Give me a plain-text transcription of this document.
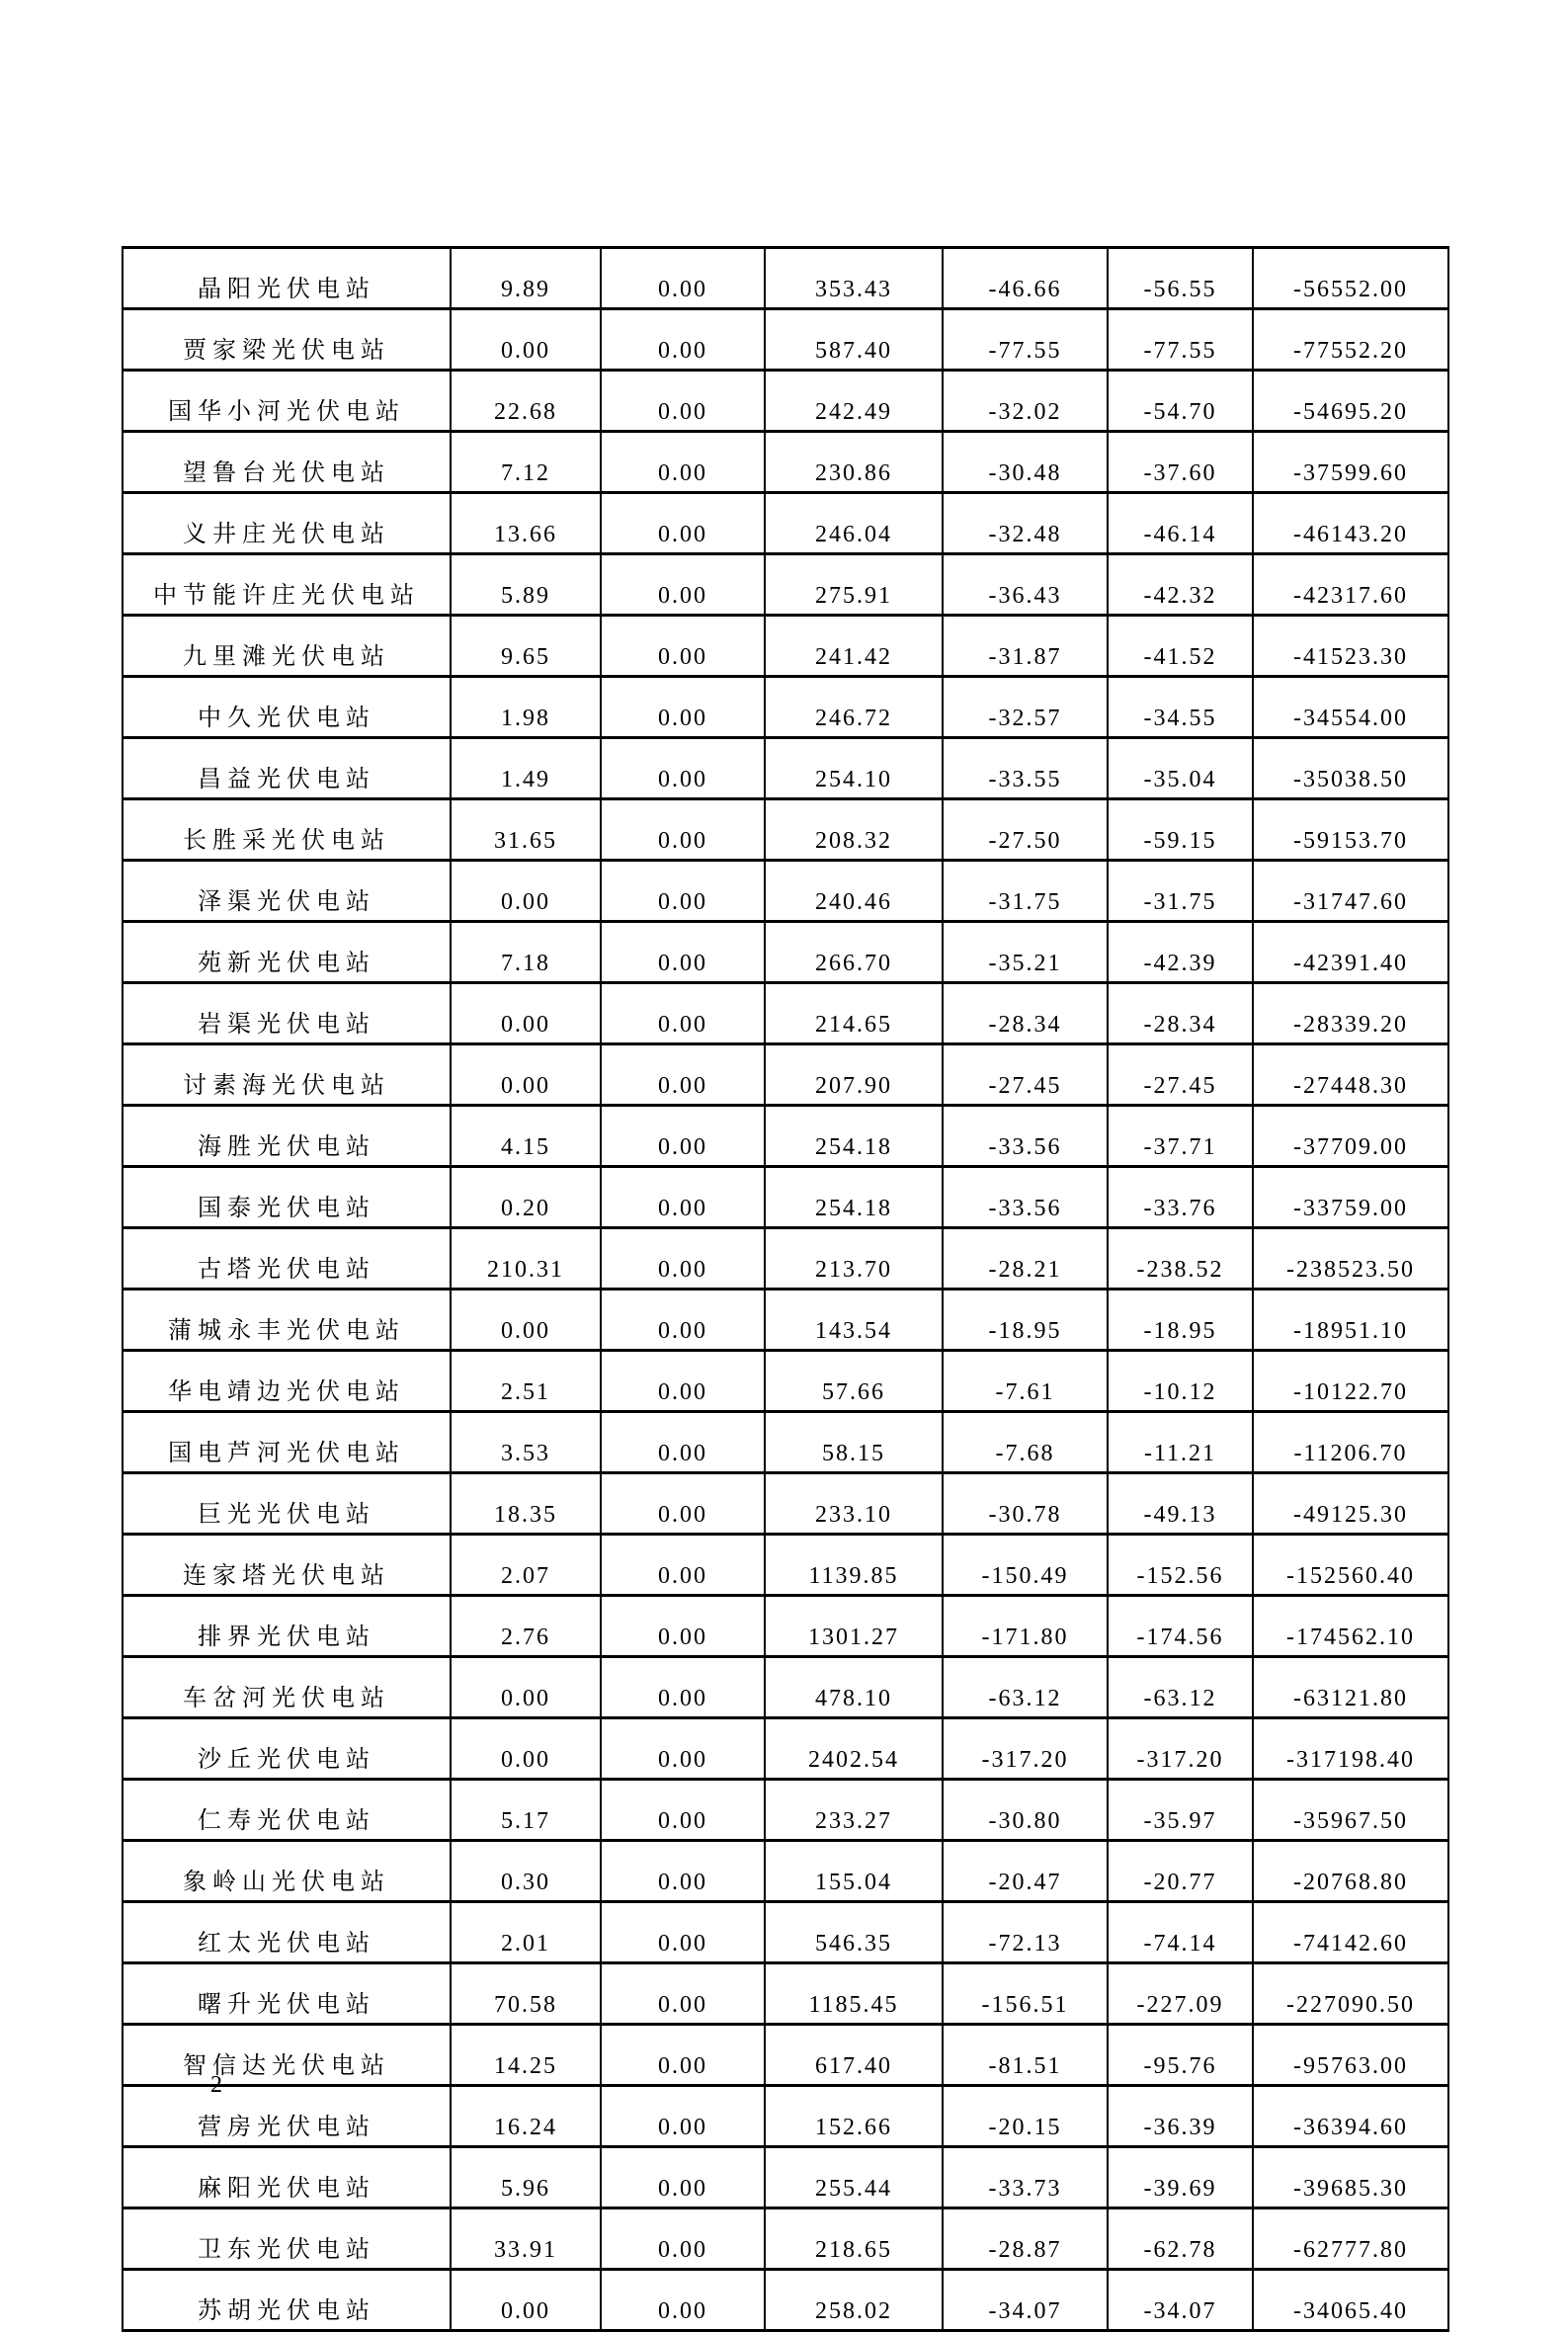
晶阳光伏电站	9.89	0.00	353.43	-46.66	-56.55	-56552.00
贾家梁光伏电站	0.00	0.00	587.40	-77.55	-77.55	-77552.20
国华小河光伏电站	22.68	0.00	242.49	-32.02	-54.70	-54695.20
望鲁台光伏电站	7.12	0.00	230.86	-30.48	-37.60	-37599.60
义井庄光伏电站	13.66	0.00	246.04	-32.48	-46.14	-46143.20
中节能许庄光伏电站	5.89	0.00	275.91	-36.43	-42.32	-42317.60
九里滩光伏电站	9.65	0.00	241.42	-31.87	-41.52	-41523.30
中久光伏电站	1.98	0.00	246.72	-32.57	-34.55	-34554.00
昌益光伏电站	1.49	0.00	254.10	-33.55	-35.04	-35038.50
长胜采光伏电站	31.65	0.00	208.32	-27.50	-59.15	-59153.70
泽渠光伏电站	0.00	0.00	240.46	-31.75	-31.75	-31747.60
苑新光伏电站	7.18	0.00	266.70	-35.21	-42.39	-42391.40
岩渠光伏电站	0.00	0.00	214.65	-28.34	-28.34	-28339.20
讨素海光伏电站	0.00	0.00	207.90	-27.45	-27.45	-27448.30
海胜光伏电站	4.15	0.00	254.18	-33.56	-37.71	-37709.00
国泰光伏电站	0.20	0.00	254.18	-33.56	-33.76	-33759.00
古塔光伏电站	210.31	0.00	213.70	-28.21	-238.52	-238523.50
蒲城永丰光伏电站	0.00	0.00	143.54	-18.95	-18.95	-18951.10
华电靖边光伏电站	2.51	0.00	57.66	-7.61	-10.12	-10122.70
国电芦河光伏电站	3.53	0.00	58.15	-7.68	-11.21	-11206.70
巨光光伏电站	18.35	0.00	233.10	-30.78	-49.13	-49125.30
连家塔光伏电站	2.07	0.00	1139.85	-150.49	-152.56	-152560.40
排界光伏电站	2.76	0.00	1301.27	-171.80	-174.56	-174562.10
车岔河光伏电站	0.00	0.00	478.10	-63.12	-63.12	-63121.80
沙丘光伏电站	0.00	0.00	2402.54	-317.20	-317.20	-317198.40
仁寿光伏电站	5.17	0.00	233.27	-30.80	-35.97	-35967.50
象岭山光伏电站	0.30	0.00	155.04	-20.47	-20.77	-20768.80
红太光伏电站	2.01	0.00	546.35	-72.13	-74.14	-74142.60
曙升光伏电站	70.58	0.00	1185.45	-156.51	-227.09	-227090.50
智信达光伏电站	14.25	0.00	617.40	-81.51	-95.76	-95763.00
营房光伏电站	16.24	0.00	152.66	-20.15	-36.39	-36394.60
麻阳光伏电站	5.96	0.00	255.44	-33.73	-39.69	-39685.30
卫东光伏电站	33.91	0.00	218.65	-28.87	-62.78	-62777.80
苏胡光伏电站	0.00	0.00	258.02	-34.07	-34.07	-34065.40
—2—
